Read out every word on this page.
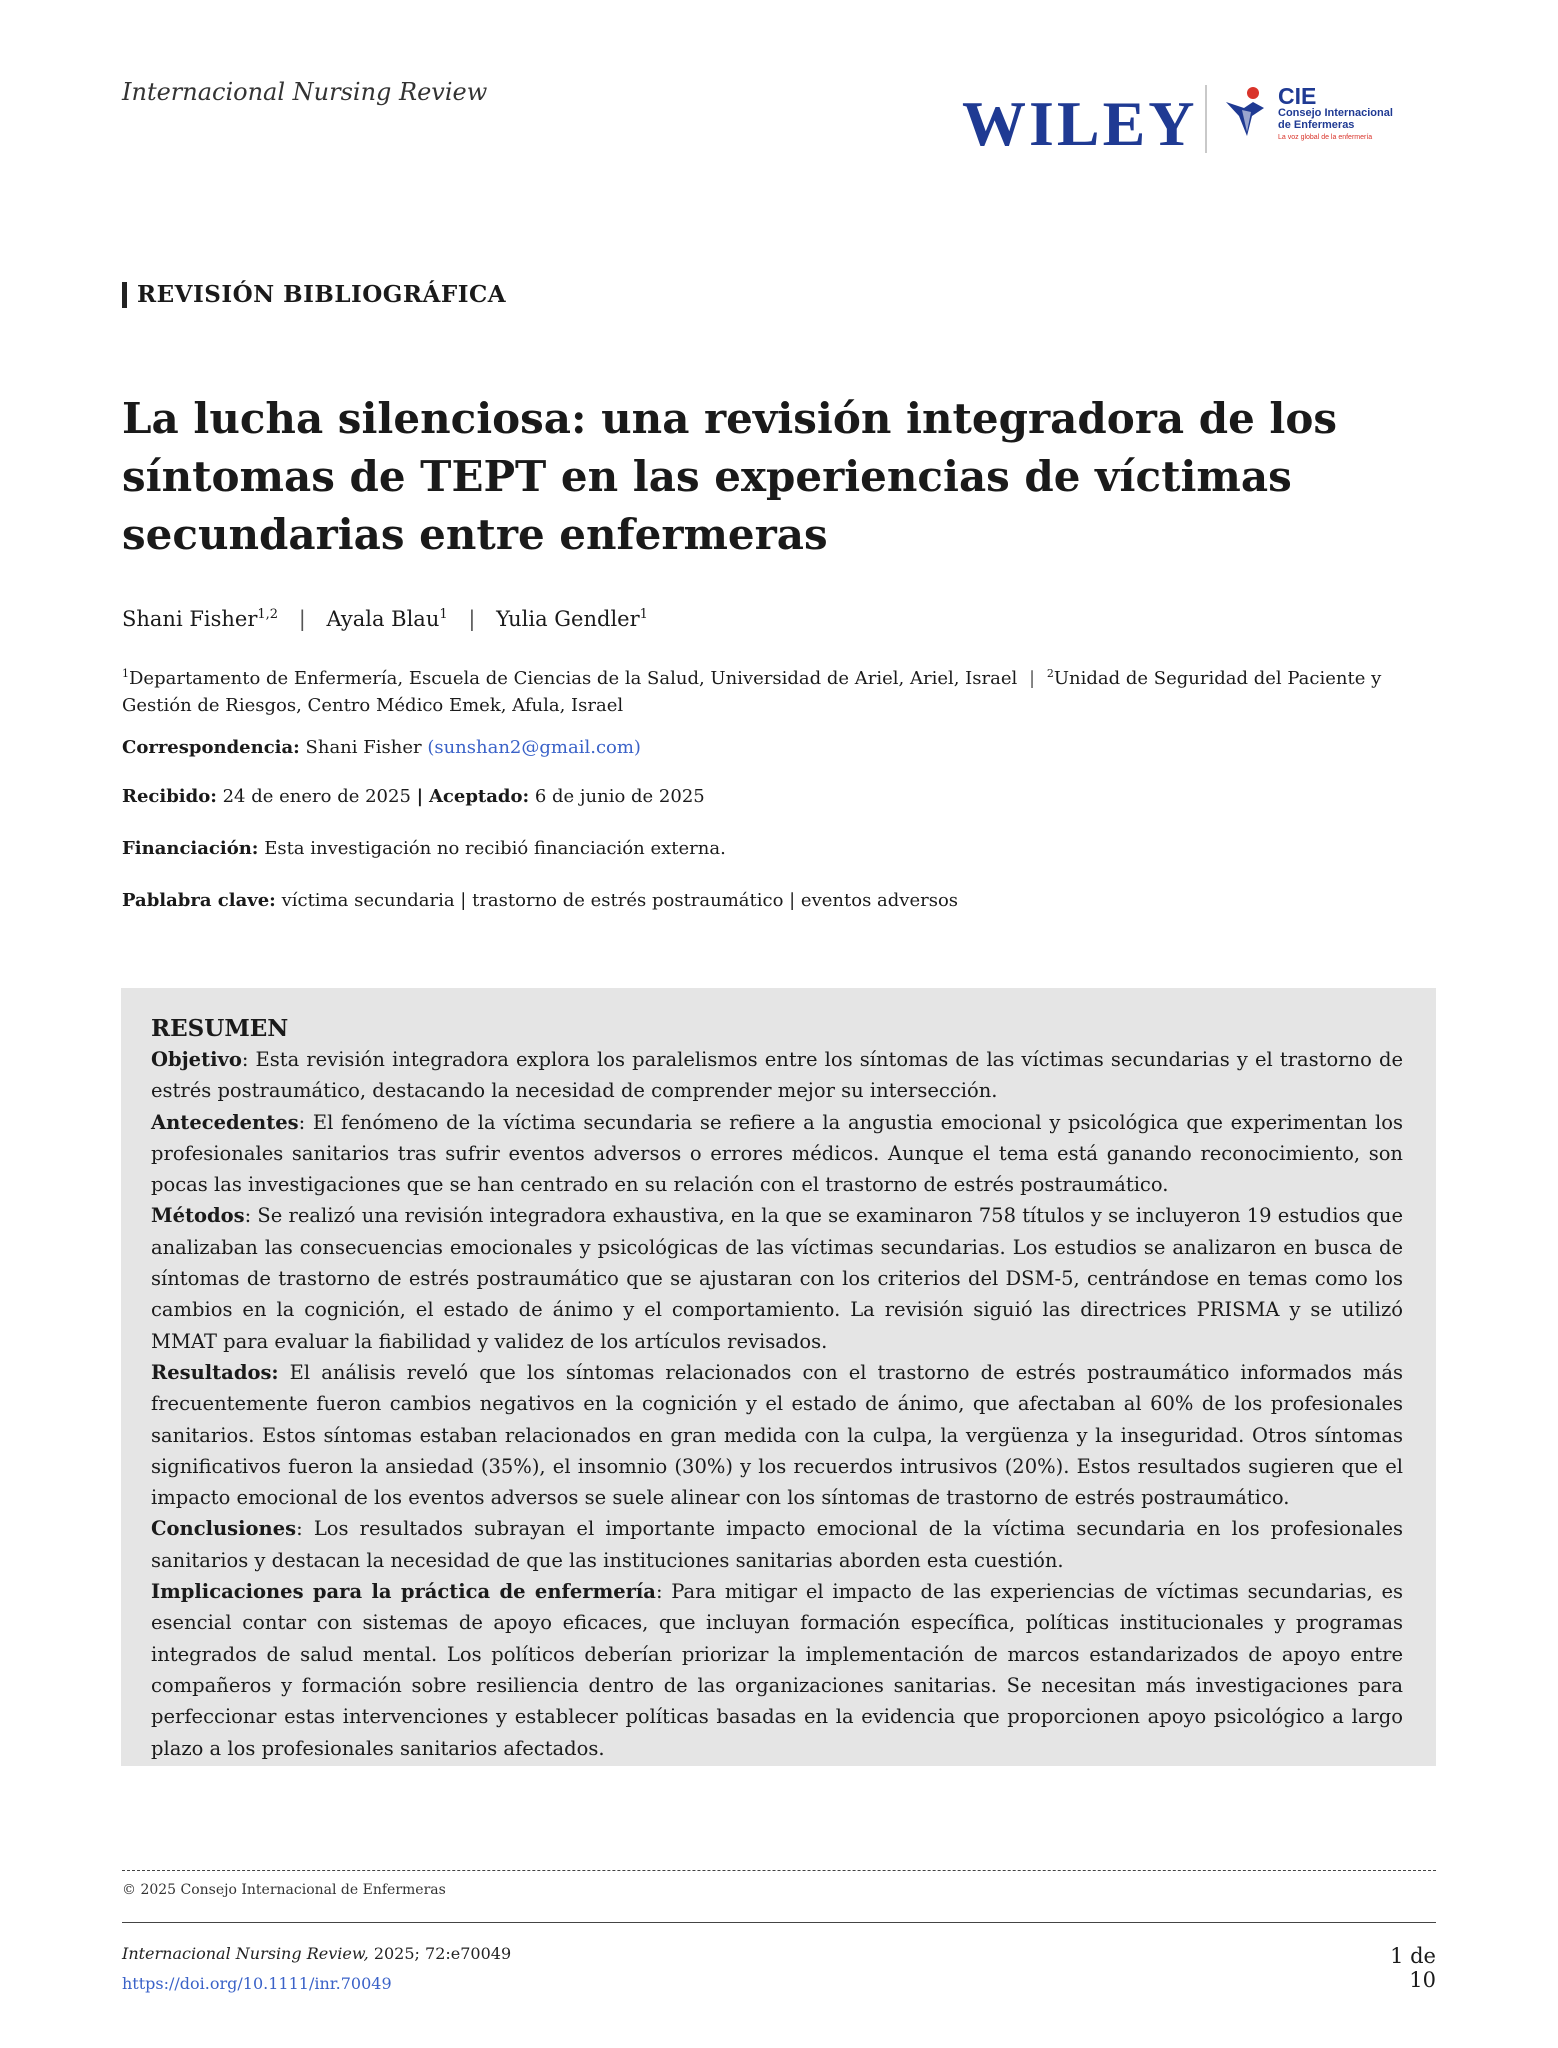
Internacional Nursing Review	WILEY	CIE
Consejo Internacional
de Enfermeras
La voz global de la enfermería
REVISIÓN BIBLIOGRÁFICA
La lucha silenciosa: una revisión integradora de los síntomas de TEPT en las experiencias de víctimas secundarias entre enfermeras
Shani Fisher$^{1,2}$ | Ayala Blau$^1$ | Yulia Gendler$^1$
$^1$Departamento de Enfermería, Escuela de Ciencias de la Salud, Universidad de Ariel, Ariel, Israel | $^2$Unidad de Seguridad del Paciente y Gestión de Riesgos, Centro Médico Emek, Afula, Israel
Correspondencia: Shani Fisher (sunshan2@gmail.com)
Recibido: 24 de enero de 2025 | Aceptado: 6 de junio de 2025
Financiación: Esta investigación no recibió financiación externa.
Pablabra clave: víctima secundaria | trastorno de estrés postraumático | eventos adversos
RESUMEN

Objetivo: Esta revisión integradora explora los paralelismos entre los síntomas de las víctimas secundarias y el trastorno de estrés postraumático, destacando la necesidad de comprender mejor su intersección.

Antecedentes: El fenómeno de la víctima secundaria se refiere a la angustia emocional y psicológica que experimentan los profesionales sanitarios tras sufrir eventos adversos o errores médicos. Aunque el tema está ganando reconocimiento, son pocas las investigaciones que se han centrado en su relación con el trastorno de estrés postraumático.

Métodos: Se realizó una revisión integradora exhaustiva, en la que se examinaron 758 títulos y se incluyeron 19 estudios que analizaban las consecuencias emocionales y psicológicas de las víctimas secundarias. Los estudios se analizaron en busca de síntomas de trastorno de estrés postraumático que se ajustaran con los criterios del DSM-5, centrándose en temas como los cambios en la cognición, el estado de ánimo y el comportamiento. La revisión siguió las directrices PRISMA y se utilizó MMAT para evaluar la fiabilidad y validez de los artículos revisados.

Resultados: El análisis reveló que los síntomas relacionados con el trastorno de estrés postraumático informados más frecuentemente fueron cambios negativos en la cognición y el estado de ánimo, que afectaban al 60% de los profesionales sanitarios. Estos síntomas estaban relacionados en gran medida con la culpa, la vergüenza y la inseguridad. Otros síntomas significativos fueron la ansiedad (35%), el insomnio (30%) y los recuerdos intrusivos (20%). Estos resultados sugieren que el impacto emocional de los eventos adversos se suele alinear con los síntomas de trastorno de estrés postraumático.

Conclusiones: Los resultados subrayan el importante impacto emocional de la víctima secundaria en los profesionales sanitarios y destacan la necesidad de que las instituciones sanitarias aborden esta cuestión.

Implicaciones para la práctica de enfermería: Para mitigar el impacto de las experiencias de víctimas secundarias, es esencial contar con sistemas de apoyo eficaces, que incluyan formación específica, políticas institucionales y programas integrados de salud mental. Los políticos deberían priorizar la implementación de marcos estandarizados de apoyo entre compañeros y formación sobre resiliencia dentro de las organizaciones sanitarias. Se necesitan más investigaciones para perfeccionar estas intervenciones y establecer políticas basadas en la evidencia que proporcionen apoyo psicológico a largo plazo a los profesionales sanitarios afectados.

© 2025 Consejo Internacional de Enfermeras
Internacional Nursing Review, 2025; 72:e70049
https://doi.org/10.1111/inr.70049
1 de 10
